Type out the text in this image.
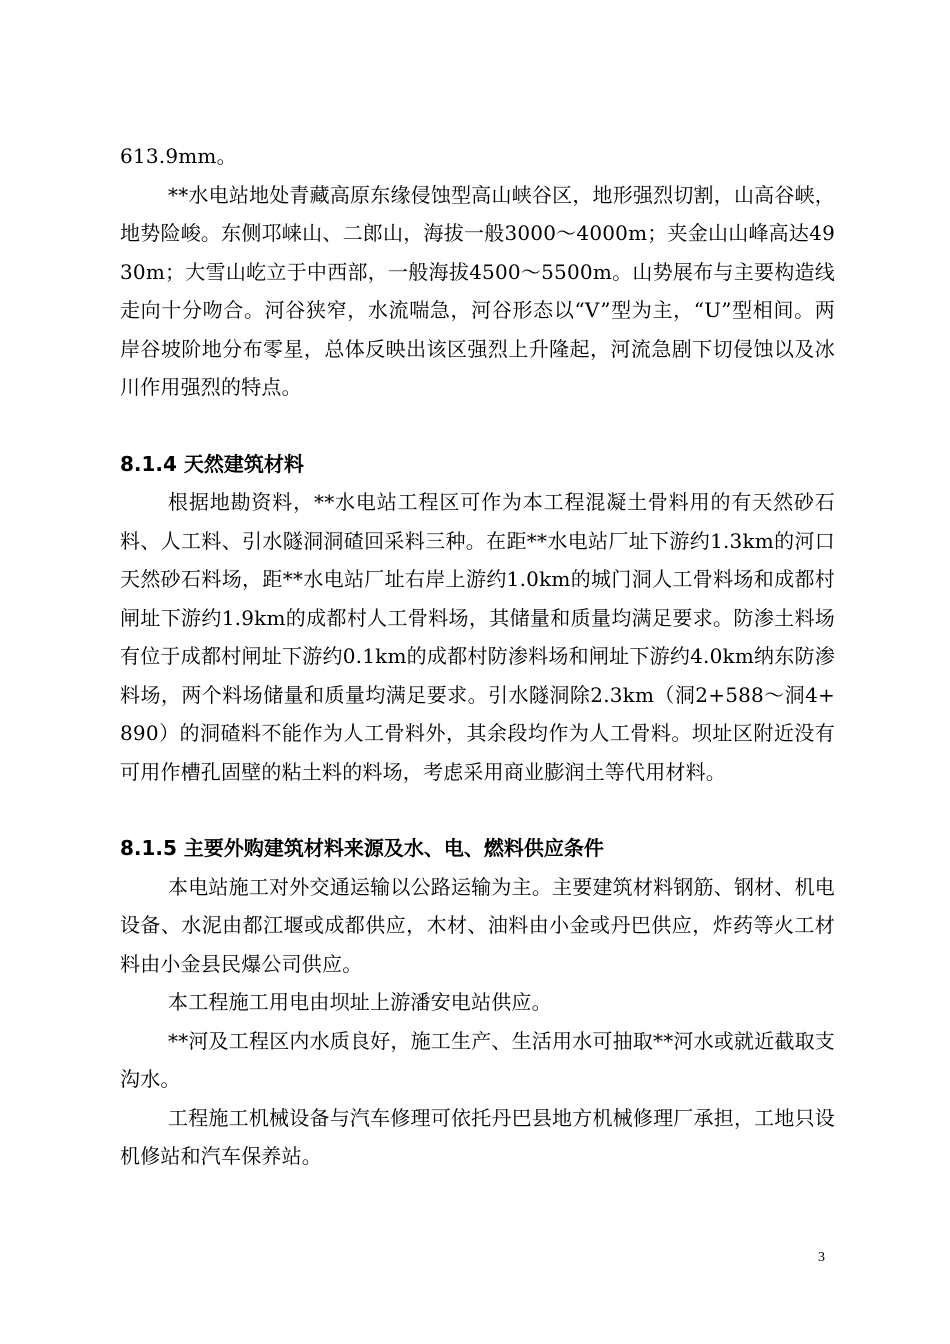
613.9mm。

**水电站地处青藏高原东缘侵蚀型高山峡谷区，地形强烈切割，山高谷峡，地势险峻。东侧邛崃山、二郎山，海拔一般3000～4000m；夹金山山峰高达4930m；大雪山屹立于中西部，一般海拔4500～5500m。山势展布与主要构造线走向十分吻合。河谷狭窄，水流喘急，河谷形态以“V”型为主，“U”型相间。两岸谷坡阶地分布零星，总体反映出该区强烈上升隆起，河流急剧下切侵蚀以及冰川作用强烈的特点。

8.1.4 天然建筑材料

根据地勘资料，**水电站工程区可作为本工程混凝土骨料用的有天然砂石料、人工料、引水隧洞洞碴回采料三种。在距**水电站厂址下游约1.3km的河口天然砂石料场，距**水电站厂址右岸上游约1.0km的城门洞人工骨料场和成都村闸址下游约1.9km的成都村人工骨料场，其储量和质量均满足要求。防渗土料场有位于成都村闸址下游约0.1km的成都村防渗料场和闸址下游约4.0km纳东防渗料场，两个料场储量和质量均满足要求。引水隧洞除2.3km（洞2+588～洞4+890）的洞碴料不能作为人工骨料外，其余段均作为人工骨料。坝址区附近没有可用作槽孔固壁的粘土料的料场，考虑采用商业膨润土等代用材料。

8.1.5 主要外购建筑材料来源及水、电、燃料供应条件

本电站施工对外交通运输以公路运输为主。主要建筑材料钢筋、钢材、机电设备、水泥由都江堰或成都供应，木材、油料由小金或丹巴供应，炸药等火工材料由小金县民爆公司供应。

本工程施工用电由坝址上游潘安电站供应。

**河及工程区内水质良好，施工生产、生活用水可抽取**河水或就近截取支沟水。

工程施工机械设备与汽车修理可依托丹巴县地方机械修理厂承担，工地只设机修站和汽车保养站。

3
